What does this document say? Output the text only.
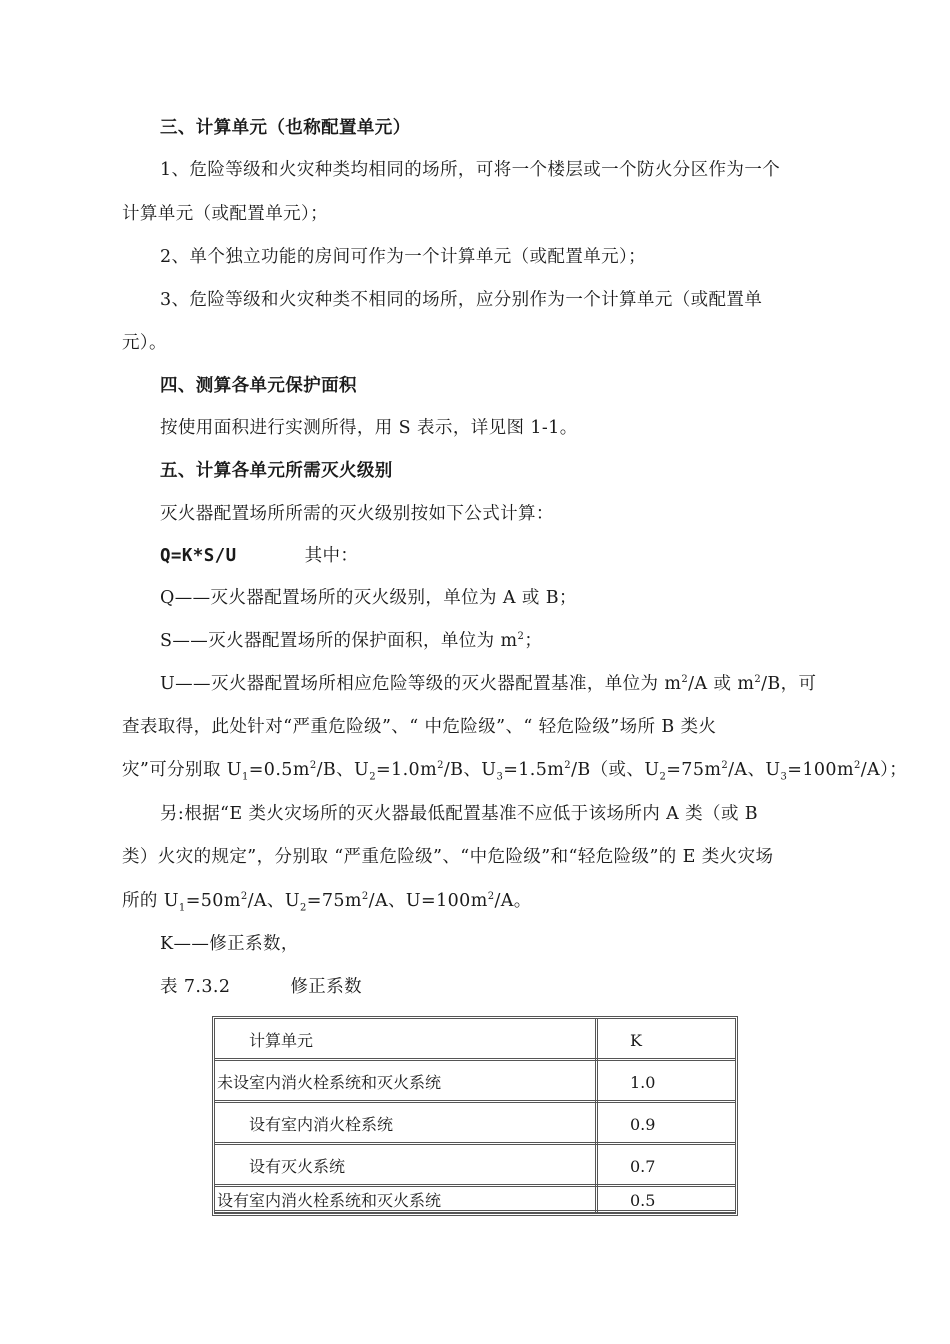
三、计算单元（也称配置单元）
1、危险等级和火灾种类均相同的场所，可将一个楼层或一个防火分区作为一个
计算单元（或配置单元）；
2、单个独立功能的房间可作为一个计算单元（或配置单元）；
3、危险等级和火灾种类不相同的场所，应分别作为一个计算单元（或配置单
元）。
四、测算各单元保护面积
按使用面积进行实测所得，用 S 表示，详见图 1-1。
五、计算各单元所需灭火级别
灭火器配置场所所需的灭火级别按如下公式计算：
Q=K*S/U	其中：
Q——灭火器配置场所的灭火级别，单位为 A 或 B；
S——灭火器配置场所的保护面积，单位为 $m^2$；
U——灭火器配置场所相应危险等级的灭火器配置基准，单位为 $m^2/A$ 或 $m^2/B$，可
查表取得，此处针对“严重危险级”、“ 中危险级”、“ 轻危险级”场所 B 类火
灾”可分别取 $U_1=0.5m^2/B$、$U_2=1.0m^2/B$、$U_3=1.5m^2/B$（或、$U_2=75m^2/A$、$U_3=100m^2/A$）；
另:根据“E 类火灾场所的灭火器最低配置基准不应低于该场所内 A 类（或 B
类）火灾的规定”，分别取 “严重危险级”、“中危险级”和“轻危险级”的 E 类火灾场
所的 $U_1=50m^2/A$、$U_2=75m^2/A$、$U=100m^2/A$。
K——修正系数，
表 7.3.2	修正系数
计算单元	K
未设室内消火栓系统和灭火系统	1.0
设有室内消火栓系统	0.9
设有灭火系统	0.7
设有室内消火栓系统和灭火系统	0.5
